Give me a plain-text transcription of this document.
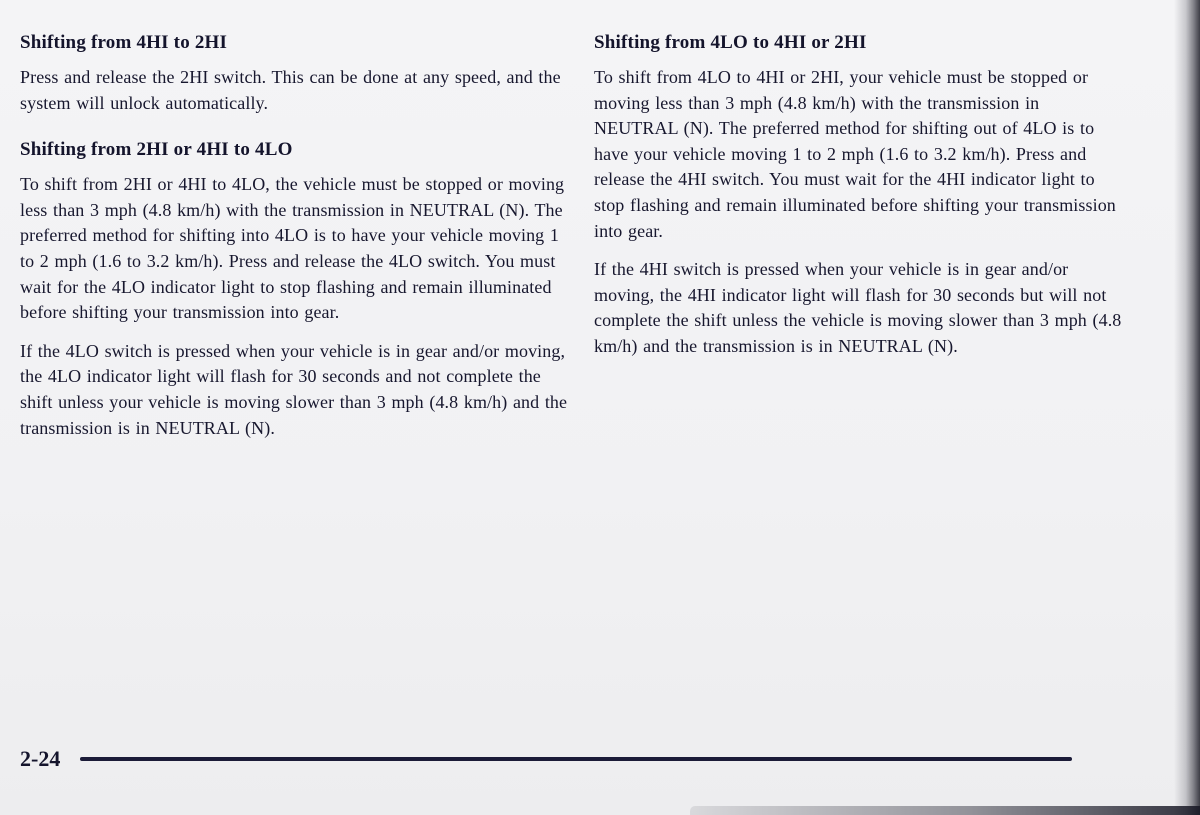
Shifting from 4HI to 2HI

Press and release the 2HI switch. This can be done at any speed, and the system will unlock automatically.

Shifting from 2HI or 4HI to 4LO

To shift from 2HI or 4HI to 4LO, the vehicle must be stopped or moving less than 3 mph (4.8 km/h) with the transmission in NEUTRAL (N). The preferred method for shifting into 4LO is to have your vehicle moving 1 to 2 mph (1.6 to 3.2 km/h). Press and release the 4LO switch. You must wait for the 4LO indicator light to stop flashing and remain illuminated before shifting your transmission into gear.

If the 4LO switch is pressed when your vehicle is in gear and/or moving, the 4LO indicator light will flash for 30 seconds and not complete the shift unless your vehicle is moving slower than 3 mph (4.8 km/h) and the transmission is in NEUTRAL (N).

Shifting from 4LO to 4HI or 2HI

To shift from 4LO to 4HI or 2HI, your vehicle must be stopped or moving less than 3 mph (4.8 km/h) with the transmission in NEUTRAL (N). The preferred method for shifting out of 4LO is to have your vehicle moving 1 to 2 mph (1.6 to 3.2 km/h). Press and release the 4HI switch. You must wait for the 4HI indicator light to stop flashing and remain illuminated before shifting your transmission into gear.

If the 4HI switch is pressed when your vehicle is in gear and/or moving, the 4HI indicator light will flash for 30 seconds but will not complete the shift unless the vehicle is moving slower than 3 mph (4.8 km/h) and the transmission is in NEUTRAL (N).

2-24
